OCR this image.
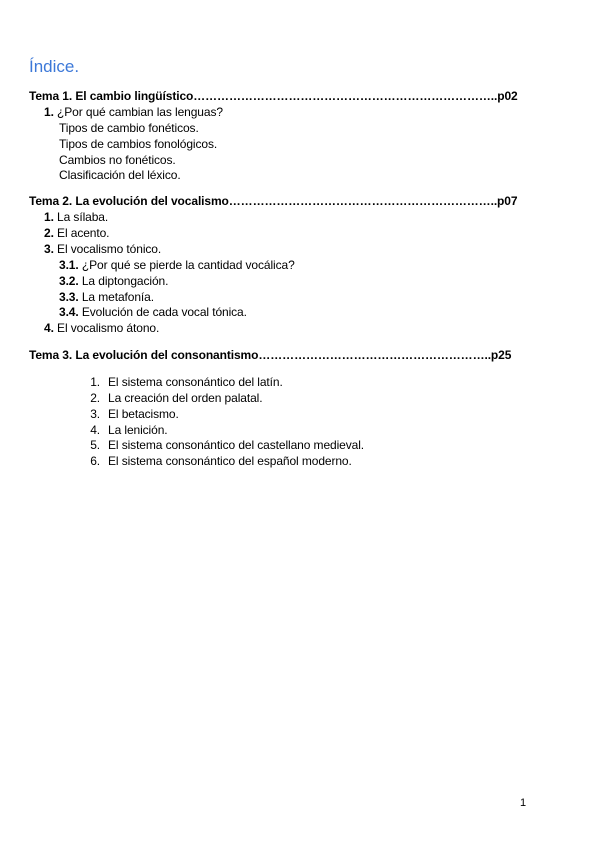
Índice.
Tema 1. El cambio lingüístico…………………………………………………………………..p02
1. ¿Por qué cambian las lenguas?
Tipos de cambio fonéticos.
Tipos de cambios fonológicos.
Cambios no fonéticos.
Clasificación del léxico.
Tema 2. La evolución del vocalismo…………………………………………………………..p07
1. La sílaba.
2. El acento.
3. El vocalismo tónico.
3.1. ¿Por qué se pierde la cantidad vocálica?
3.2. La diptongación.
3.3. La metafonía.
3.4. Evolución de cada vocal tónica.
4. El vocalismo átono.
Tema 3. La evolución del consonantismo…………………………………………………..p25
1. El sistema consonántico del latín.
2. La creación del orden palatal.
3. El betacismo.
4. La lenición.
5. El sistema consonántico del castellano medieval.
6. El sistema consonántico del español moderno.
1
